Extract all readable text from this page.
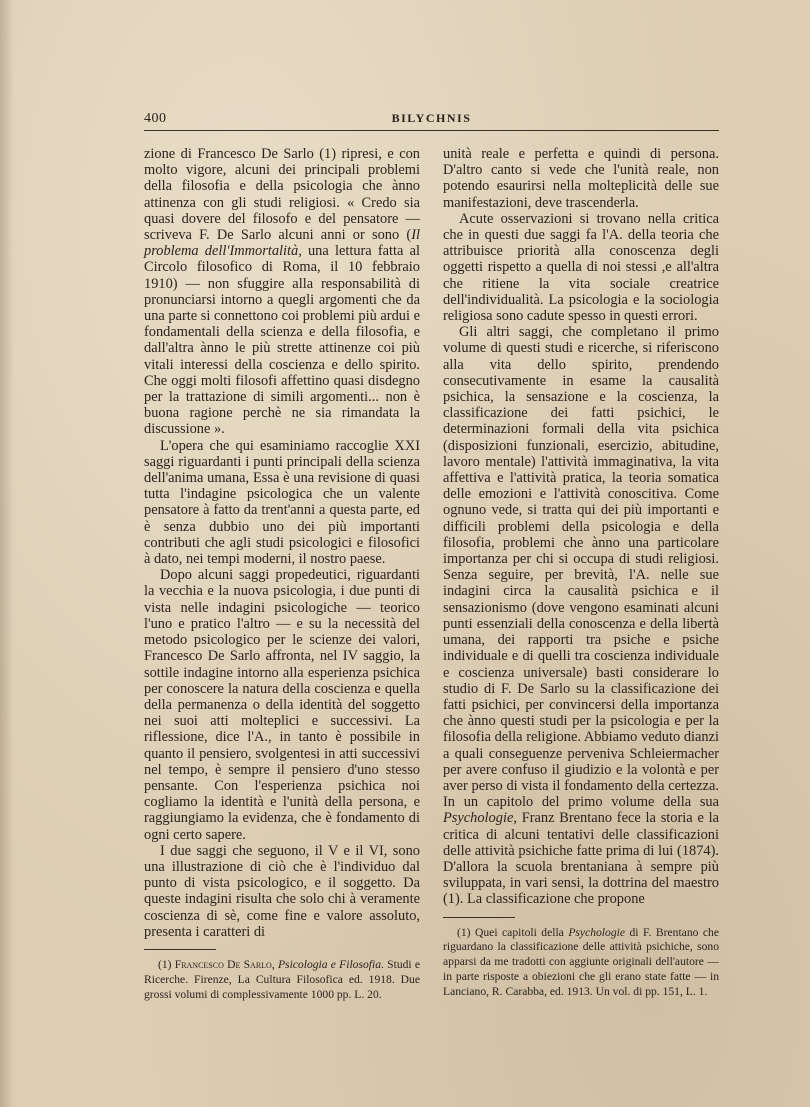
400	BILYCHNIS

zione di Francesco De Sarlo (1) ripresi, e con molto vigore, alcuni dei principali problemi della filosofia e della psicologia che ànno attinenza con gli studi religiosi. « Credo sia quasi dovere del filosofo e del pensatore — scriveva F. De Sarlo alcuni anni or sono (Il problema dell'Immortalità, una lettura fatta al Circolo filosofico di Roma, il 10 febbraio 1910) — non sfuggire alla responsabilità di pronunciarsi intorno a quegli argomenti che da una parte si connettono coi problemi più ardui e fondamentali della scienza e della filosofia, e dall'altra ànno le più strette attinenze coi più vitali interessi della coscienza e dello spirito. Che oggi molti filosofi affettino quasi disdegno per la trattazione di simili argomenti... non è buona ragione perchè ne sia rimandata la discussione ».

L'opera che qui esaminiamo raccoglie XXI saggi riguardanti i punti principali della scienza dell'anima umana, Essa è una revisione di quasi tutta l'indagine psicologica che un valente pensatore à fatto da trent'anni a questa parte, ed è senza dubbio uno dei più importanti contributi che agli studi psicologici e filosofici à dato, nei tempi moderni, il nostro paese.

Dopo alcuni saggi propedeutici, riguardanti la vecchia e la nuova psicologia, i due punti di vista nelle indagini psicologiche — teorico l'uno e pratico l'altro — e su la necessità del metodo psicologico per le scienze dei valori, Francesco De Sarlo affronta, nel IV saggio, la sottile indagine intorno alla esperienza psichica per conoscere la natura della coscienza e quella della permanenza o della identità del soggetto nei suoi atti molteplici e successivi. La riflessione, dice l'A., in tanto è possibile in quanto il pensiero, svolgentesi in atti successivi nel tempo, è sempre il pensiero d'uno stesso pensante. Con l'esperienza psichica noi cogliamo la identità e l'unità della persona, e raggiungiamo la evidenza, che è fondamento di ogni certo sapere.

I due saggi che seguono, il V e il VI, sono una illustrazione di ciò che è l'individuo dal punto di vista psicologico, e il soggetto. Da queste indagini risulta che solo chi à veramente coscienza di sè, come fine e valore assoluto, presenta i caratteri di

(1) Francesco De Sarlo, Psicologia e Filosofia. Studi e Ricerche. Firenze, La Cultura Filosofica ed. 1918. Due grossi volumi di complessivamente 1000 pp. L. 20.

unità reale e perfetta e quindi di persona. D'altro canto si vede che l'unità reale, non potendo esaurirsi nella molteplicità delle sue manifestazioni, deve trascenderla.

Acute osservazioni si trovano nella critica che in questi due saggi fa l'A. della teoria che attribuisce priorità alla conoscenza degli oggetti rispetto a quella di noi stessi ,e all'altra che ritiene la vita sociale creatrice dell'individualità. La psicologia e la sociologia religiosa sono cadute spesso in questi errori.

Gli altri saggi, che completano il primo volume di questi studi e ricerche, si riferiscono alla vita dello spirito, prendendo consecutivamente in esame la causalità psichica, la sensazione e la coscienza, la classificazione dei fatti psichici, le determinazioni formali della vita psichica (disposizioni funzionali, esercizio, abitudine, lavoro mentale) l'attività immaginativa, la vita affettiva e l'attività pratica, la teoria somatica delle emozioni e l'attività conoscitiva. Come ognuno vede, si tratta qui dei più importanti e difficili problemi della psicologia e della filosofia, problemi che ànno una particolare importanza per chi si occupa di studi religiosi. Senza seguire, per brevità, l'A. nelle sue indagini circa la causalità psichica e il sensazionismo (dove vengono esaminati alcuni punti essenziali della conoscenza e della libertà umana, dei rapporti tra psiche e psiche individuale e di quelli tra coscienza individuale e coscienza universale) basti considerare lo studio di F. De Sarlo su la classificazione dei fatti psichici, per convincersi della importanza che ànno questi studi per la psicologia e per la filosofia della religione. Abbiamo veduto dianzi a quali conseguenze perveniva Schleiermacher per avere confuso il giudizio e la volontà e per aver perso di vista il fondamento della certezza. In un capitolo del primo volume della sua Psychologie, Franz Brentano fece la storia e la critica di alcuni tentativi delle classificazioni delle attività psichiche fatte prima di lui (1874). D'allora la scuola brentaniana à sempre più sviluppata, in vari sensi, la dottrina del maestro (1). La classificazione che propone

(1) Quei capitoli della Psychologie di F. Brentano che riguardano la classificazione delle attività psichiche, sono apparsi da me tradotti con aggiunte originali dell'autore — in parte risposte a obiezioni che gli erano state fatte — in Lanciano, R. Carabba, ed. 1913. Un vol. di pp. 151, L. 1.
